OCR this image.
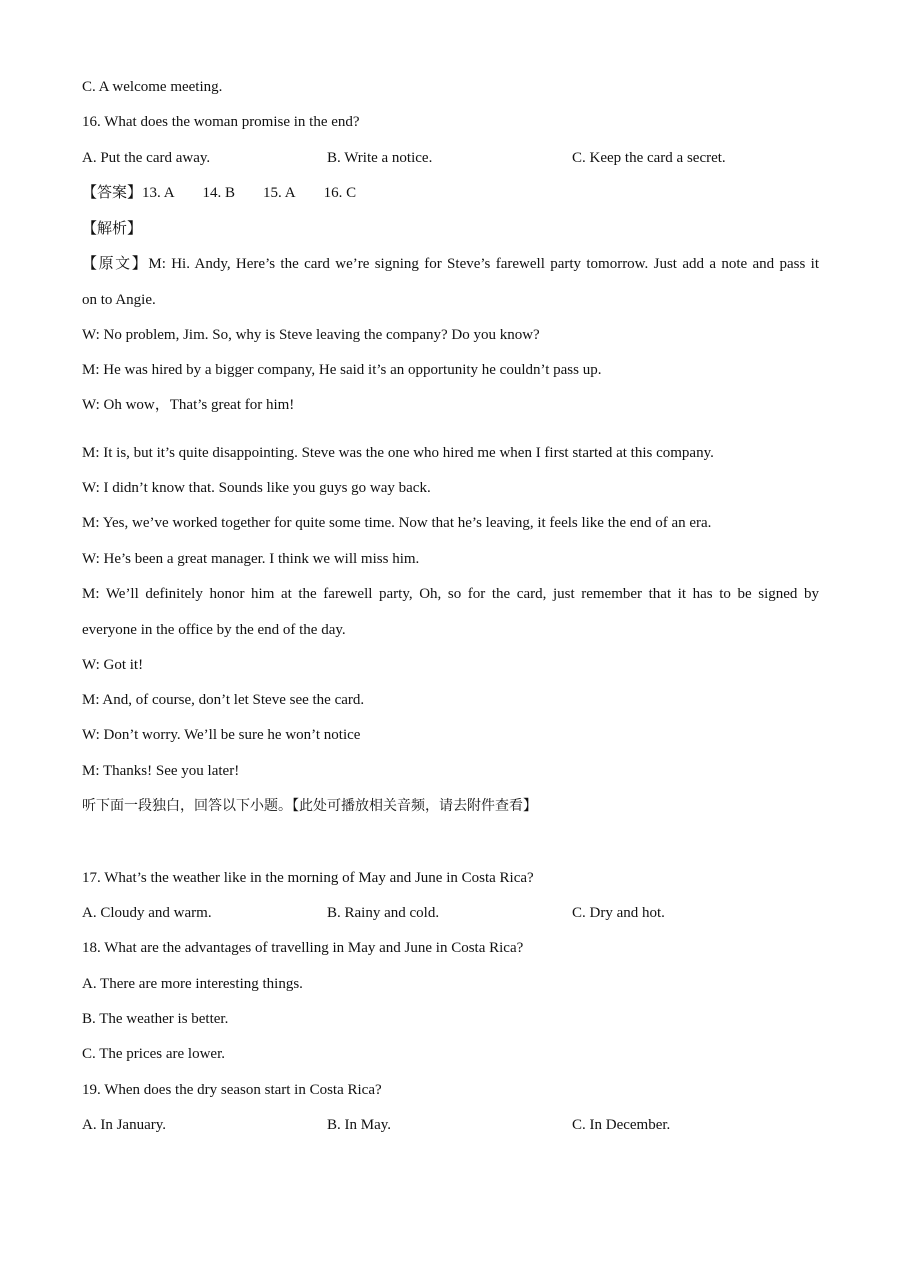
C. A welcome meeting.
16. What does the woman promise in the end?
A. Put the card away.	B. Write a notice.	C. Keep the card a secret.
【答案】13. A 14. B 15. A 16. C
【解析】
【原文】M: Hi. Andy, Here’s the card we’re signing for Steve’s farewell party tomorrow. Just add a note and pass it
on to Angie.
W: No problem, Jim. So, why is Steve leaving the company? Do you know?
M: He was hired by a bigger company, He said it’s an opportunity he couldn’t pass up.
W: Oh wow，That’s great for him!
M: It is, but it’s quite disappointing. Steve was the one who hired me when I first started at this company.
W: I didn’t know that. Sounds like you guys go way back.
M: Yes, we’ve worked together for quite some time. Now that he’s leaving, it feels like the end of an era.
W: He’s been a great manager. I think we will miss him.
M: We’ll definitely honor him at the farewell party, Oh, so for the card, just remember that it has to be signed by
everyone in the office by the end of the day.
W: Got it!
M: And, of course, don’t let Steve see the card.
W: Don’t worry. We’ll be sure he won’t notice
M: Thanks! See you later!
听下面一段独白，回答以下小题。【此处可播放相关音频，请去附件查看】
17. What’s the weather like in the morning of May and June in Costa Rica?
A. Cloudy and warm.	B. Rainy and cold.	C. Dry and hot.
18. What are the advantages of travelling in May and June in Costa Rica?
A. There are more interesting things.
B. The weather is better.
C. The prices are lower.
19. When does the dry season start in Costa Rica?
A. In January.	B. In May.	C. In December.
